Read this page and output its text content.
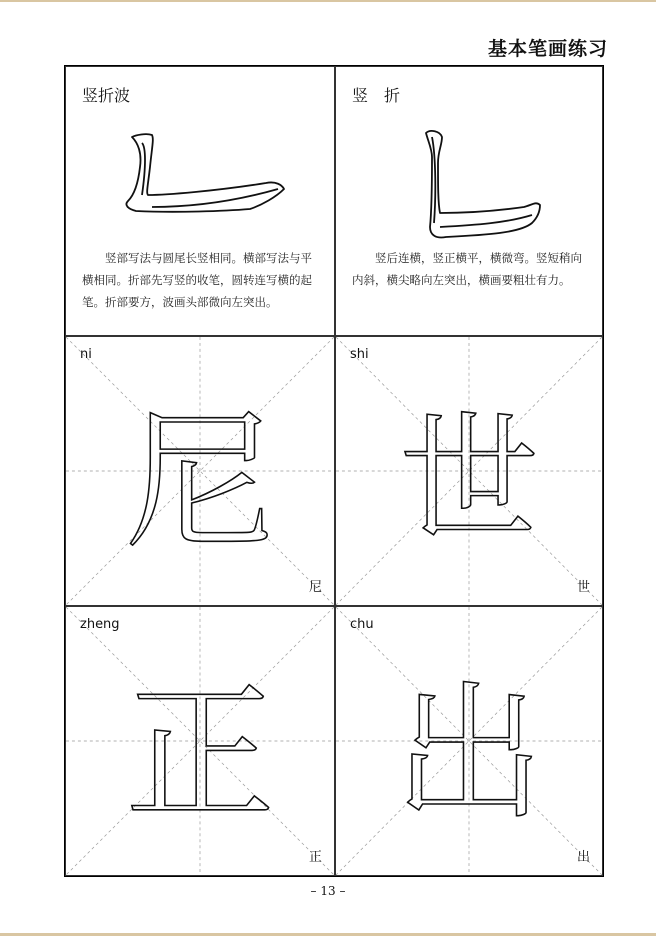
基本笔画练习
竖折波
竖部写法与圆尾长竖相同。横部写法与平横相同。折部先写竖的收笔，圆转连写横的起笔。折部要方，波画头部微向左突出。
竖　折
竖后连横，竖正横平，横微弯。竖短稍向内斜，横尖略向左突出，横画要粗壮有力。
尼
ni
尼
世
shi
世
正
zheng
正
出
chu
出
– 13 –
